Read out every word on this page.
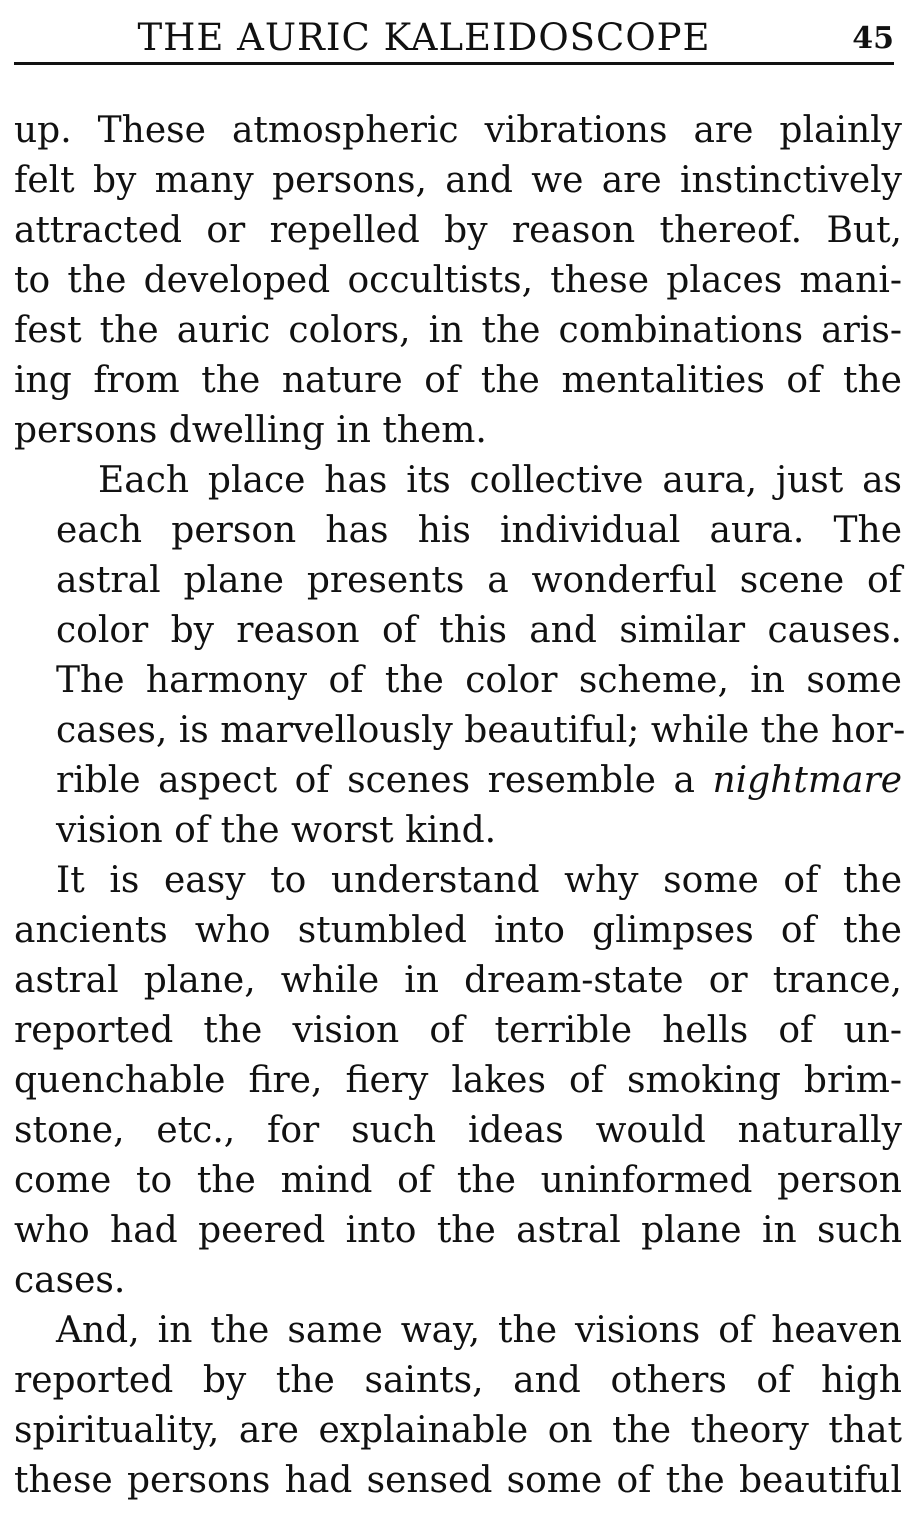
THE AURIC KALEIDOSCOPE	45

up. These atmospheric vibrations are plainly
felt by many persons, and we are instinctively
attracted or repelled by reason thereof. But,
to the developed occultists, these places mani-
fest the auric colors, in the combinations aris-
ing from the nature of the mentalities of the
persons dwelling in them.

Each place has its collective aura, just as
each person has his individual aura. The
astral plane presents a wonderful scene of
color by reason of this and similar causes.
The harmony of the color scheme, in some
cases, is marvellously beautiful; while the hor-
rible aspect of scenes resemble a nightmare
vision of the worst kind.

It is easy to understand why some of the
ancients who stumbled into glimpses of the
astral plane, while in dream-state or trance,
reported the vision of terrible hells of un-
quenchable fire, fiery lakes of smoking brim-
stone, etc., for such ideas would naturally
come to the mind of the uninformed person
who had peered into the astral plane in such
cases.

And, in the same way, the visions of heaven
reported by the saints, and others of high
spirituality, are explainable on the theory that
these persons had sensed some of the beautiful
